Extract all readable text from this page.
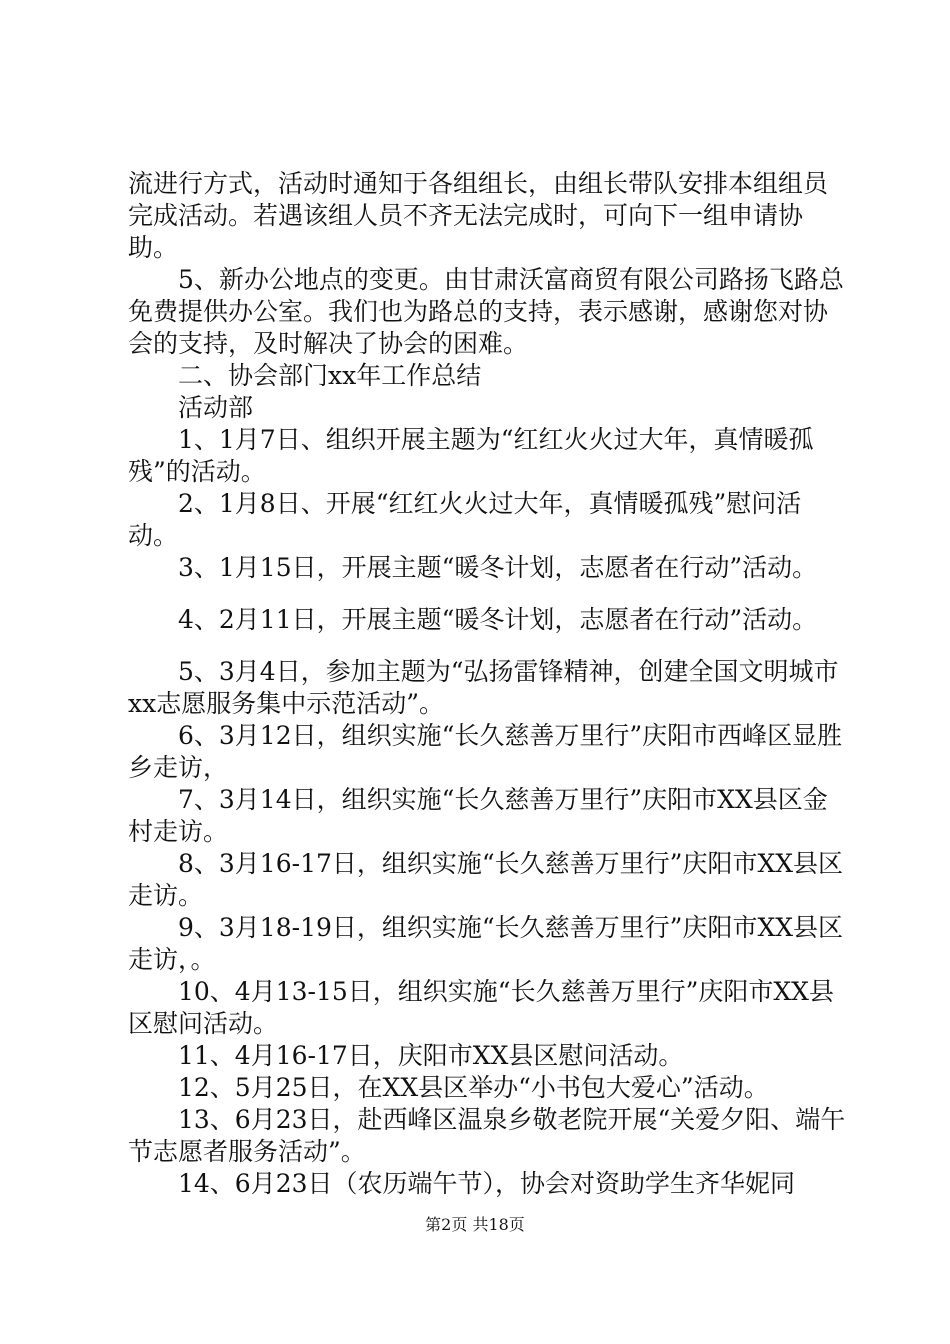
流进行方式，活动时通知于各组组长，由组长带队安排本组组员完成活动。若遇该组人员不齐无法完成时，可向下一组申请协助。

　　5、新办公地点的变更。由甘肃沃富商贸有限公司路扬飞路总免费提供办公室。我们也为路总的支持，表示感谢，感谢您对协会的支持，及时解决了协会的困难。

　　二、协会部门xx年工作总结

　　活动部

　　1、1月7日、组织开展主题为“红红火火过大年，真情暖孤残”的活动。

　　2、1月8日、开展“红红火火过大年，真情暖孤残”慰问活动。

　　3、1月15日，开展主题“暖冬计划，志愿者在行动”活动。

　　4、2月11日，开展主题“暖冬计划，志愿者在行动”活动。

　　5、3月4日，参加主题为“弘扬雷锋精神，创建全国文明城市xx志愿服务集中示范活动”。

　　6、3月12日，组织实施“长久慈善万里行”庆阳市西峰区显胜乡走访，

　　7、3月14日，组织实施“长久慈善万里行”庆阳市XX县区金村走访。

　　8、3月16-17日，组织实施“长久慈善万里行”庆阳市XX县区走访。

　　9、3月18-19日，组织实施“长久慈善万里行”庆阳市XX县区走访，。

　　10、4月13-15日，组织实施“长久慈善万里行”庆阳市XX县区慰问活动。

　　11、4月16-17日，庆阳市XX县区慰问活动。

　　12、5月25日，在XX县区举办“小书包大爱心”活动。

　　13、6月23日，赴西峰区温泉乡敬老院开展“关爱夕阳、端午节志愿者服务活动”。

　　14、6月23日（农历端午节），协会对资助学生齐华妮同

第2页 共18页
